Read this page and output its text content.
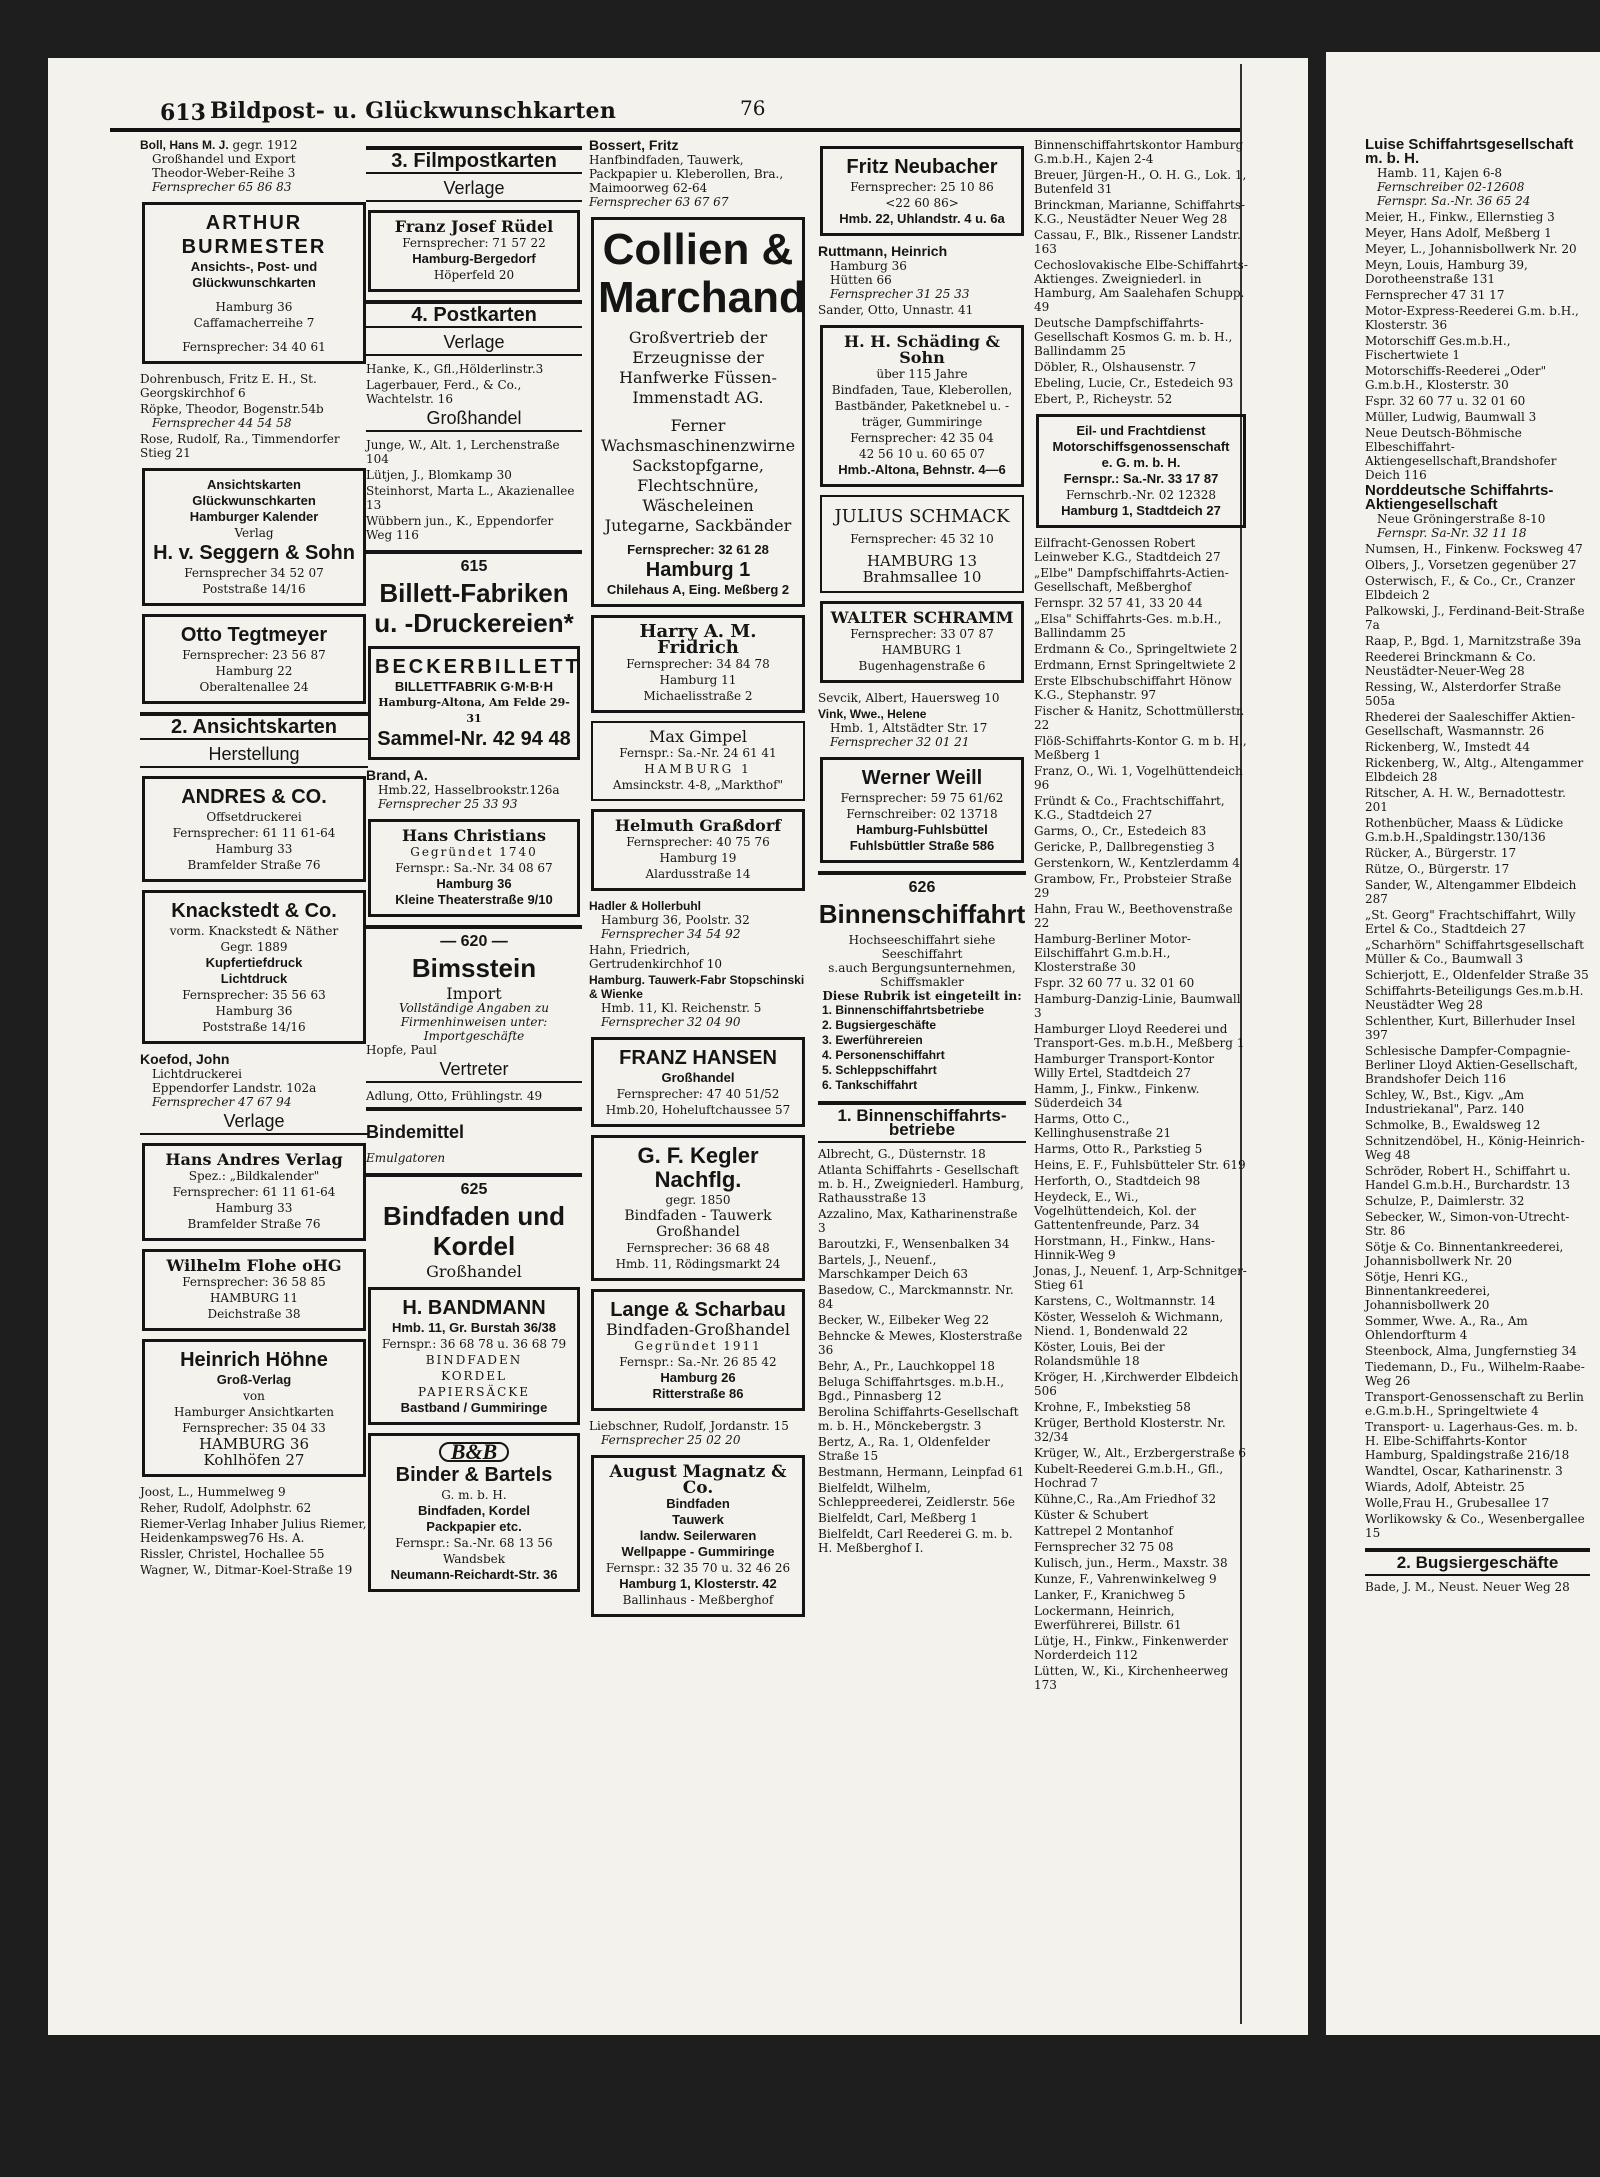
613 Bildpost- u. Glückwunschkarten	76
Boll, Hans M. J. gegr. 1912
Großhandel und Export
Theodor-Weber-Reihe 3
Fernsprecher 65 86 83
ARTHUR BURMESTER
Ansichts-, Post- und Glückwunschkarten
Hamburg 36
Caffamacherreihe 7
Fernsprecher: 34 40 61
Dohrenbusch, Fritz E. H., St. Georgskirchhof 6
Röpke, Theodor, Bogenstr.54b
Fernsprecher 44 54 58
Rose, Rudolf, Ra., Timmendorfer Stieg 21
Ansichtskarten
Glückwunschkarten
Hamburger Kalender
Verlag
H. v. Seggern & Sohn
Fernsprecher 34 52 07
Poststraße 14/16
Otto Tegtmeyer
Fernsprecher: 23 56 87
Hamburg 22
Oberaltenallee 24
2. Ansichtskarten
Herstellung
ANDRES & CO.
Offsetdruckerei
Fernsprecher: 61 11 61-64
Hamburg 33
Bramfelder Straße 76
Knackstedt & Co.
vorm. Knackstedt & Näther
Gegr. 1889
Kupfertiefdruck
Lichtdruck
Fernsprecher: 35 56 63
Hamburg 36
Poststraße 14/16
Koefod, John
Lichtdruckerei
Eppendorfer Landstr. 102a
Fernsprecher 47 67 94
Verlage
Hans Andres Verlag
Spez.: „Bildkalender"
Fernsprecher: 61 11 61-64
Hamburg 33
Bramfelder Straße 76
Wilhelm Flohe oHG
Fernsprecher: 36 58 85
HAMBURG 11
Deichstraße 38
Heinrich Höhne
Groß-Verlag
von
Hamburger Ansichtkarten
Fernsprecher: 35 04 33
HAMBURG 36
Kohlhöfen 27
Joost, L., Hummelweg 9
Reher, Rudolf, Adolphstr. 62
Riemer-Verlag Inhaber Julius Riemer, Heidenkampsweg76 Hs. A.
Rissler, Christel, Hochallee 55
Wagner, W., Ditmar-Koel-Straße 19
3. Filmpostkarten
Verlage
Franz Josef Rüdel
Fernsprecher: 71 57 22
Hamburg-Bergedorf
Höperfeld 20
4. Postkarten
Verlage
Hanke, K., Gfl.,Hölderlinstr.3
Lagerbauer, Ferd., & Co., Wachtelstr. 16
Großhandel
Junge, W., Alt. 1, Lerchenstraße 104
Lütjen, J., Blomkamp 30
Steinhorst, Marta L., Akazienallee 13
Wübbern jun., K., Eppendorfer Weg 116
615
Billett-Fabriken u. -Druckereien*
BECKERBILLETT
BILLETTFABRIK G·M·B·H
Hamburg-Altona, Am Felde 29-31
Sammel-Nr. 42 94 48
Brand, A.
Hmb.22, Hasselbrookstr.126a
Fernsprecher 25 33 93
Hans Christians
Gegründet 1740
Fernspr.: Sa.-Nr. 34 08 67
Hamburg 36
Kleine Theaterstraße 9/10
— 620 —
Bimsstein
Import
Vollständige Angaben zu Firmenhinweisen unter: Importgeschäfte
Hopfe, Paul
Vertreter
Adlung, Otto, Frühlingstr. 49
Bindemittel
Emulgatoren
625
Bindfaden und Kordel
Großhandel
H. BANDMANN
Hmb. 11, Gr. Burstah 36/38
Fernspr.: 36 68 78 u. 36 68 79
BINDFADEN
KORDEL
PAPIERSÄCKE
Bastband / Gummiringe
B&B
Binder & Bartels
G. m. b. H.
Bindfaden, Kordel
Packpapier etc.
Fernspr.: Sa.-Nr. 68 13 56
Wandsbek
Neumann-Reichardt-Str. 36
Bossert, Fritz
Hanfbindfaden, Tauwerk, Packpapier u. Kleberollen, Bra., Maimoorweg 62-64
Fernsprecher 63 67 67
Collien & Marchand
Großvertrieb der Erzeugnisse der Hanfwerke Füssen-Immenstadt AG.
Ferner Wachsmaschinenzwirne Sackstopfgarne, Flechtschnüre, Wäscheleinen Jutegarne, Sackbänder
Fernsprecher: 32 61 28
Hamburg 1
Chilehaus A, Eing. Meßberg 2
Harry A. M. Fridrich
Fernsprecher: 34 84 78
Hamburg 11
Michaelisstraße 2
Max Gimpel
Fernspr.: Sa.-Nr. 24 61 41
HAMBURG 1
Amsinckstr. 4-8, „Markthof"
Helmuth Graßdorf
Fernsprecher: 40 75 76
Hamburg 19
Alardusstraße 14
Hadler & Hollerbuhl
Hamburg 36, Poolstr. 32
Fernsprecher 34 54 92
Hahn, Friedrich, Gertrudenkirchhof 10
Hamburg. Tauwerk-Fabr Stopschinski & Wienke
Hmb. 11, Kl. Reichenstr. 5
Fernsprecher 32 04 90
FRANZ HANSEN
Großhandel
Fernsprecher: 47 40 51/52
Hmb.20, Hoheluftchaussee 57
G. F. Kegler Nachflg.
gegr. 1850
Bindfaden - Tauwerk
Großhandel
Fernsprecher: 36 68 48
Hmb. 11, Rödingsmarkt 24
Lange & Scharbau
Bindfaden-Großhandel
Gegründet 1911
Fernspr.: Sa.-Nr. 26 85 42
Hamburg 26
Ritterstraße 86
Liebschner, Rudolf, Jordanstr. 15
Fernsprecher 25 02 20
August Magnatz & Co.
Bindfaden
Tauwerk
landw. Seilerwaren
Wellpappe - Gummiringe
Fernspr.: 32 35 70 u. 32 46 26
Hamburg 1, Klosterstr. 42
Ballinhaus - Meßberghof
Fritz Neubacher
Fernsprecher: 25 10 86
<22 60 86>
Hmb. 22, Uhlandstr. 4 u. 6a
Ruttmann, Heinrich
Hamburg 36
Hütten 66
Fernsprecher 31 25 33
Sander, Otto, Unnastr. 41
H. H. Schäding & Sohn
über 115 Jahre
Bindfaden, Taue, Kleberollen, Bastbänder, Paketknebel u. -träger, Gummiringe
Fernsprecher: 42 35 04
42 56 10 u. 60 65 07
Hmb.-Altona, Behnstr. 4—6
JULIUS SCHMACK
Fernsprecher: 45 32 10
HAMBURG 13
Brahmsallee 10
WALTER SCHRAMM
Fernsprecher: 33 07 87
HAMBURG 1
Bugenhagenstraße 6
Sevcik, Albert, Hauersweg 10
Vink, Wwe., Helene
Hmb. 1, Altstädter Str. 17
Fernsprecher 32 01 21
Werner Weill
Fernsprecher: 59 75 61/62
Fernschreiber: 02 13718
Hamburg-Fuhlsbüttel
Fuhlsbüttler Straße 586
626
Binnenschiffahrt
Hochseeschiffahrt siehe Seeschiffahrt
s.auch Bergungsunternehmen, Schiffsmakler
Diese Rubrik ist eingeteilt in:
1. Binnenschiffahrtsbetriebe
2. Bugsiergeschäfte
3. Ewerführereien
4. Personenschiffahrt
5. Schleppschiffahrt
6. Tankschiffahrt
1. Binnenschiffahrts-betriebe
Albrecht, G., Düsternstr. 18
Atlanta Schiffahrts - Gesellschaft m. b. H., Zweigniederl. Hamburg, Rathausstraße 13
Azzalino, Max, Katharinenstraße 3
Baroutzki, F., Wensenbalken 34
Bartels, J., Neuenf., Marschkamper Deich 63
Basedow, C., Marckmannstr. Nr. 84
Becker, W., Eilbeker Weg 22
Behncke & Mewes, Klosterstraße 36
Behr, A., Pr., Lauchkoppel 18
Beluga Schiffahrtsges. m.b.H., Bgd., Pinnasberg 12
Berolina Schiffahrts-Gesellschaft m. b. H., Mönckebergstr. 3
Bertz, A., Ra. 1, Oldenfelder Straße 15
Bestmann, Hermann, Leinpfad 61
Bielfeldt, Wilhelm, Schleppreederei, Zeidlerstr. 56e
Bielfeldt, Carl, Meßberg 1
Bielfeldt, Carl Reederei G. m. b. H. Meßberghof I.
Binnenschiffahrtskontor Hamburg G.m.b.H., Kajen 2-4
Breuer, Jürgen-H., O. H. G., Lok. 1, Butenfeld 31
Brinckman, Marianne, Schiffahrts-K.G., Neustädter Neuer Weg 28
Cassau, F., Blk., Rissener Landstr. 163
Cechoslovakische Elbe-Schiffahrts-Aktienges. Zweigniederl. in Hamburg, Am Saalehafen Schupp. 49
Deutsche Dampfschiffahrts-Gesellschaft Kosmos G. m. b. H., Ballindamm 25
Döbler, R., Olshausenstr. 7
Ebeling, Lucie, Cr., Estedeich 93
Ebert, P., Richeystr. 52
Eil- und Frachtdienst
Motorschiffsgenossenschaft
e. G. m. b. H.
Fernspr.: Sa.-Nr. 33 17 87
Fernschrb.-Nr. 02 12328
Hamburg 1, Stadtdeich 27
Eilfracht-Genossen Robert Leinweber K.G., Stadtdeich 27
„Elbe" Dampfschiffahrts-Actien-Gesellschaft, Meßberghof
Fernspr. 32 57 41, 33 20 44
„Elsa" Schiffahrts-Ges. m.b.H., Ballindamm 25
Erdmann & Co., Springeltwiete 2
Erdmann, Ernst Springeltwiete 2
Erste Elbschubschiffahrt Hönow K.G., Stephanstr. 97
Fischer & Hanitz, Schottmüllerstr. 22
Flöß-Schiffahrts-Kontor G. m b. H., Meßberg 1
Franz, O., Wi. 1, Vogelhüttendeich 96
Fründt & Co., Frachtschiffahrt, K.G., Stadtdeich 27
Garms, O., Cr., Estedeich 83
Gericke, P., Dallbregenstieg 3
Gerstenkorn, W., Kentzlerdamm 4
Grambow, Fr., Probsteier Straße 29
Hahn, Frau W., Beethovenstraße 22
Hamburg-Berliner Motor-Eilschiffahrt G.m.b.H., Klosterstraße 30
Fspr. 32 60 77 u. 32 01 60
Hamburg-Danzig-Linie, Baumwall 3
Hamburger Lloyd Reederei und Transport-Ges. m.b.H., Meßberg 1
Hamburger Transport-Kontor Willy Ertel, Stadtdeich 27
Hamm, J., Finkw., Finkenw. Süderdeich 34
Harms, Otto C., Kellinghusenstraße 21
Harms, Otto R., Parkstieg 5
Heins, E. F., Fuhlsbütteler Str. 619
Herforth, O., Stadtdeich 98
Heydeck, E., Wi., Vogelhüttendeich, Kol. der Gattentenfreunde, Parz. 34
Horstmann, H., Finkw., Hans-Hinnik-Weg 9
Jonas, J., Neuenf. 1, Arp-Schnitger-Stieg 61
Karstens, C., Woltmannstr. 14
Köster, Wesseloh & Wichmann, Niend. 1, Bondenwald 22
Köster, Louis, Bei der Rolandsmühle 18
Kröger, H. ,Kirchwerder Elbdeich 506
Krohne, F., Imbekstieg 58
Krüger, Berthold Klosterstr. Nr. 32/34
Krüger, W., Alt., Erzbergerstraße 6
Kubelt-Reederei G.m.b.H., Gfl., Hochrad 7
Kühne,C., Ra.,Am Friedhof 32
Küster & Schubert
Kattrepel 2 Montanhof
Fernsprecher 32 75 08
Kulisch, jun., Herm., Maxstr. 38
Kunze, F., Vahrenwinkelweg 9
Lanker, F., Kranichweg 5
Lockermann, Heinrich, Ewerführerei, Billstr. 61
Lütje, H., Finkw., Finkenwerder Norderdeich 112
Lütten, W., Ki., Kirchenheerweg 173
Luise Schiffahrtsgesellschaft m. b. H.
Hamb. 11, Kajen 6-8
Fernschreiber 02-12608
Fernspr. Sa.-Nr. 36 65 24
Meier, H., Finkw., Ellernstieg 3
Meyer, Hans Adolf, Meßberg 1
Meyer, L., Johannisbollwerk Nr. 20
Meyn, Louis, Hamburg 39, Dorotheenstraße 131
Fernsprecher 47 31 17
Motor-Express-Reederei G.m. b.H., Klosterstr. 36
Motorschiff Ges.m.b.H., Fischertwiete 1
Motorschiffs-Reederei „Oder" G.m.b.H., Klosterstr. 30
Fspr. 32 60 77 u. 32 01 60
Müller, Ludwig, Baumwall 3
Neue Deutsch-Böhmische Elbeschiffahrt-Aktiengesellschaft,Brandshofer Deich 116
Norddeutsche Schiffahrts-Aktiengesellschaft
Neue Gröningerstraße 8-10
Fernspr. Sa-Nr. 32 11 18
Numsen, H., Finkenw. Focksweg 47
Olbers, J., Vorsetzen gegenüber 27
Osterwisch, F., & Co., Cr., Cranzer Elbdeich 2
Palkowski, J., Ferdinand-Beit-Straße 7a
Raap, P., Bgd. 1, Marnitzstraße 39a
Reederei Brinckmann & Co. Neustädter-Neuer-Weg 28
Ressing, W., Alsterdorfer Straße 505a
Rhederei der Saaleschiffer Aktien-Gesellschaft, Wasmannstr. 26
Rickenberg, W., Imstedt 44
Rickenberg, W., Altg., Altengammer Elbdeich 28
Ritscher, A. H. W., Bernadottestr. 201
Rothenbücher, Maass & Lüdicke G.m.b.H.,Spaldingstr.130/136
Rücker, A., Bürgerstr. 17
Rütze, O., Bürgerstr. 17
Sander, W., Altengammer Elbdeich 287
„St. Georg" Frachtschiffahrt, Willy Ertel & Co., Stadtdeich 27
„Scharhörn" Schiffahrtsgesellschaft Müller & Co., Baumwall 3
Schierjott, E., Oldenfelder Straße 35
Schiffahrts-Beteiligungs Ges.m.b.H. Neustädter Weg 28
Schlenther, Kurt, Billerhuder Insel 397
Schlesische Dampfer-Compagnie-Berliner Lloyd Aktien-Gesellschaft, Brandshofer Deich 116
Schley, W., Bst., Kigv. „Am Industriekanal", Parz. 140
Schmolke, B., Ewaldsweg 12
Schnitzendöbel, H., König-Heinrich-Weg 48
Schröder, Robert H., Schiffahrt u. Handel G.m.b.H., Burchardstr. 13
Schulze, P., Daimlerstr. 32
Sebecker, W., Simon-von-Utrecht-Str. 86
Sötje & Co. Binnentankreederei, Johannisbollwerk Nr. 20
Sötje, Henri KG., Binnentankreederei, Johannisbollwerk 20
Sommer, Wwe. A., Ra., Am Ohlendorfturm 4
Steenbock, Alma, Jungfernstieg 34
Tiedemann, D., Fu., Wilhelm-Raabe-Weg 26
Transport-Genossenschaft zu Berlin e.G.m.b.H., Springeltwiete 4
Transport- u. Lagerhaus-Ges. m. b. H. Elbe-Schiffahrts-Kontor Hamburg, Spaldingstraße 216/18
Wandtel, Oscar, Katharinenstr. 3
Wiards, Adolf, Abteistr. 25
Wolle,Frau H., Grubesallee 17
Worlikowsky & Co., Wesenbergallee 15
2. Bugsiergeschäfte
Bade, J. M., Neust. Neuer Weg 28
